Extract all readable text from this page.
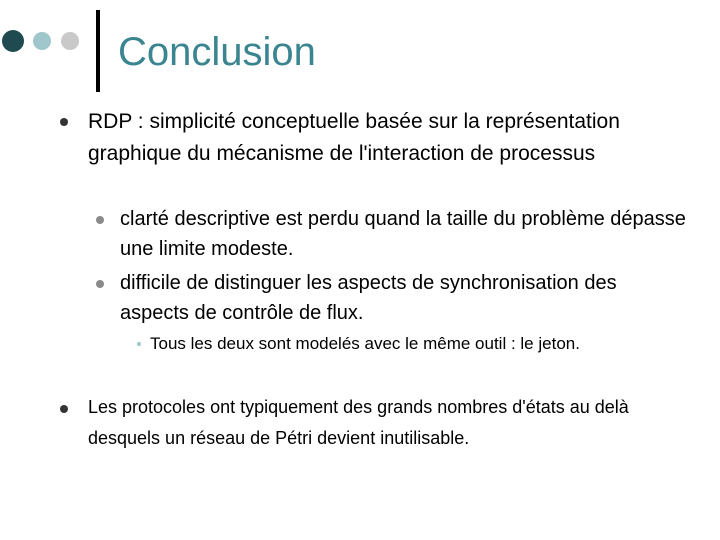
Conclusion
RDP : simplicité conceptuelle basée sur la représentation graphique du mécanisme de l'interaction de processus
clarté descriptive est perdu quand la taille du problème dépasse une limite modeste.
difficile de distinguer les aspects de synchronisation des aspects de contrôle de flux.
Tous les deux sont modelés avec le même outil : le jeton.
Les protocoles ont typiquement des grands nombres d'états au delà desquels un réseau de Pétri devient inutilisable.
